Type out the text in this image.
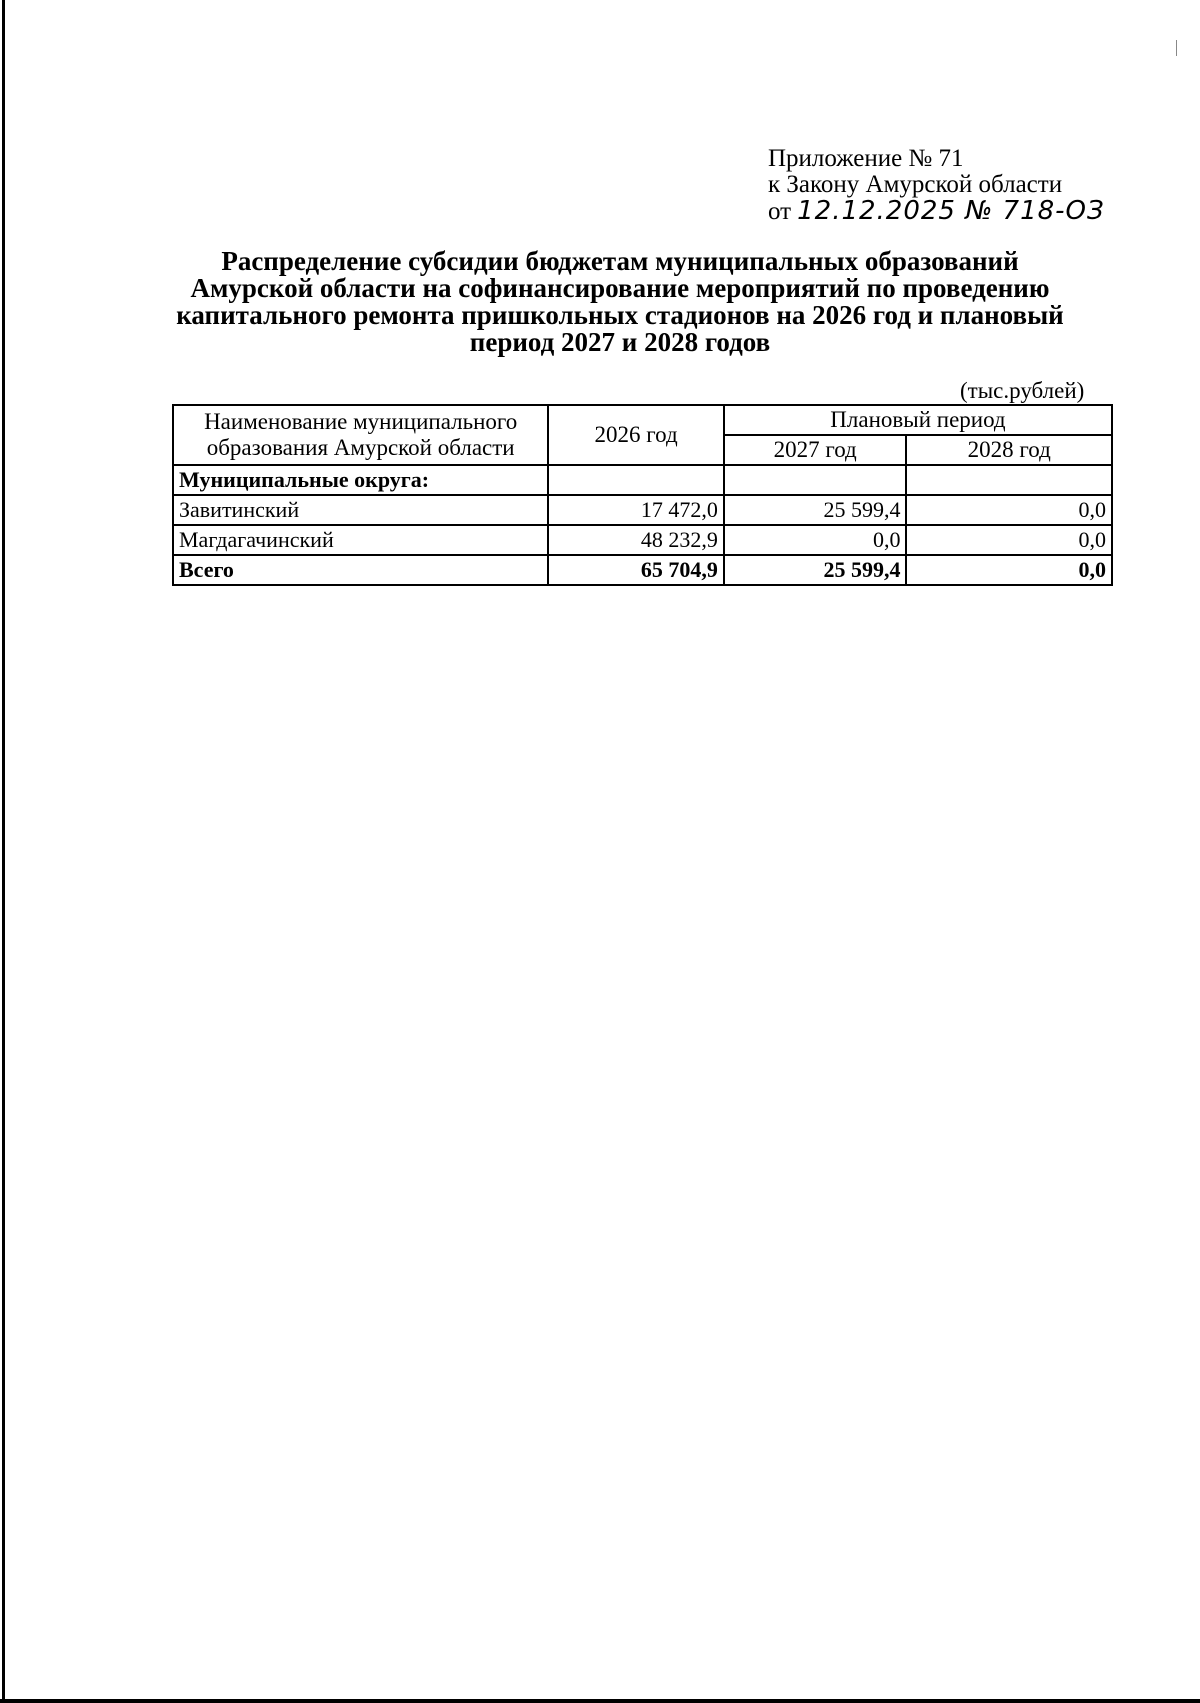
Приложение № 71
к Закону Амурской области
от 12.12.2025 № 718-ОЗ
Распределение субсидии бюджетам муниципальных образований
Амурской области на софинансирование мероприятий по проведению
капитального ремонта пришкольных стадионов на 2026 год и плановый
период 2027 и 2028 годов
(тыс.рублей)
Наименование муниципального
образования Амурской области	2026 год	Плановый период	
		2027 год	2028 год
Муниципальные округа:			
Завитинский	17 472,0	25 599,4	0,0
Магдагачинский	48 232,9	0,0	0,0
Всего	65 704,9	25 599,4	0,0
